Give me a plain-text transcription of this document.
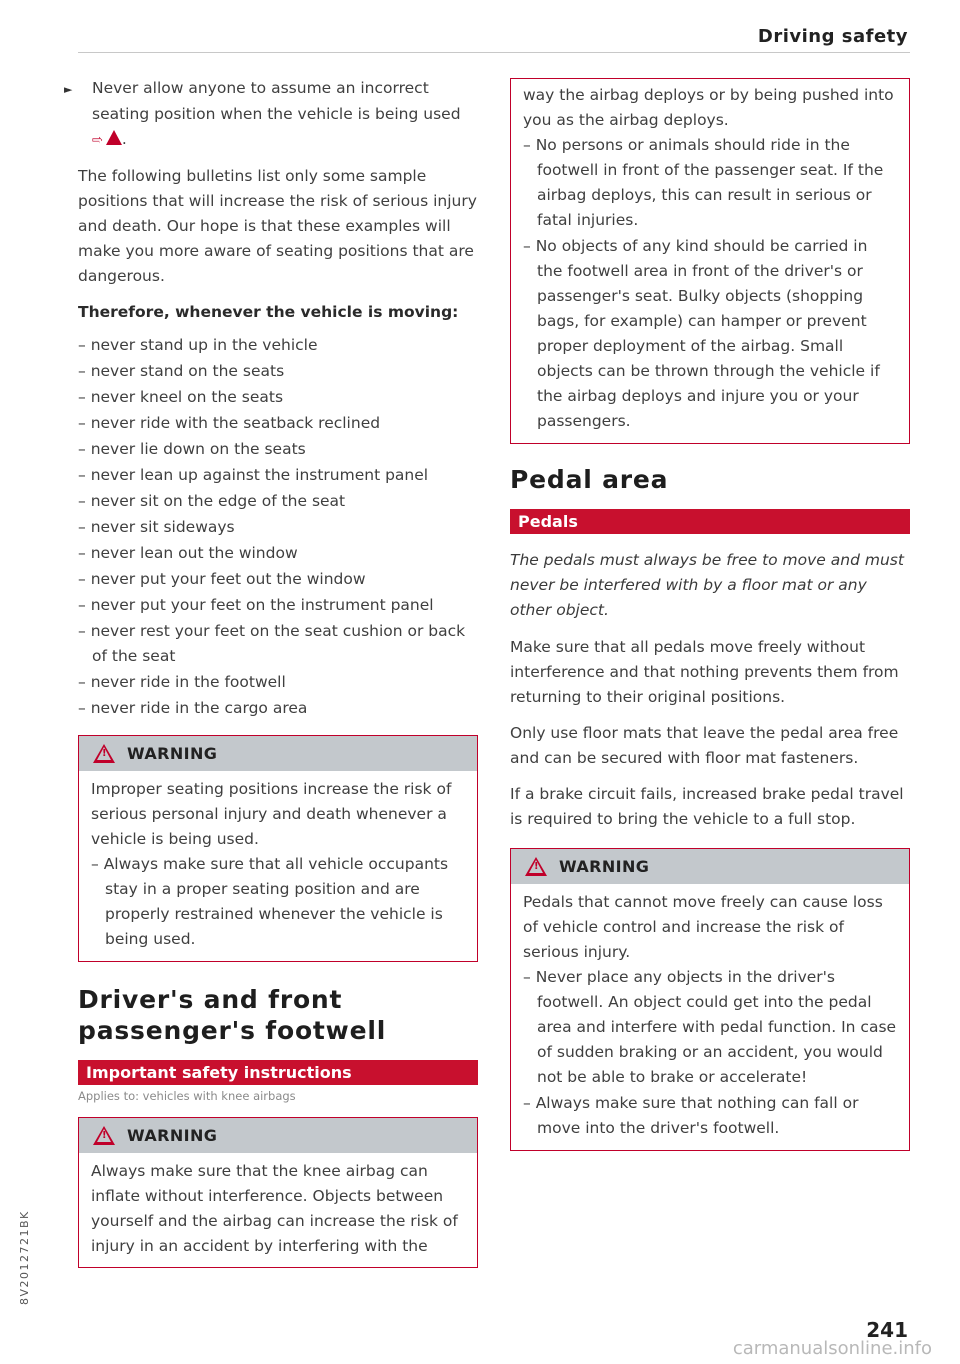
Driving safety

► Never allow anyone to assume an incorrect seating position when the vehicle is being used
⇨! .

The following bulletins list only some sample positions that will increase the risk of serious injury and death. Our hope is that these examples will make you more aware of seating positions that are dangerous.

Therefore, whenever the vehicle is moving:
– never stand up in the vehicle
– never stand on the seats
– never kneel on the seats
– never ride with the seatback reclined
– never lie down on the seats
– never lean up against the instrument panel
– never sit on the edge of the seat
– never sit sideways
– never lean out the window
– never put your feet out the window
– never put your feet on the instrument panel
– never rest your feet on the seat cushion or back of the seat
– never ride in the footwell
– never ride in the cargo area
!
WARNING

Improper seating positions increase the risk of serious personal injury and death whenever a vehicle is being used.

– Always make sure that all vehicle occupants stay in a proper seating position and are properly restrained whenever the vehicle is being used.
Driver's and front passenger's footwell
Important safety instructions
Applies to: vehicles with knee airbags
!
WARNING

Always make sure that the knee airbag can inflate without interference. Objects between yourself and the airbag can increase the risk of injury in an accident by interfering with the

way the airbag deploys or by being pushed into you as the airbag deploys.

– No persons or animals should ride in the footwell in front of the passenger seat. If the airbag deploys, this can result in serious or fatal injuries.
– No objects of any kind should be carried in the footwell area in front of the driver's or passenger's seat. Bulky objects (shopping bags, for example) can hamper or prevent proper deployment of the airbag. Small objects can be thrown through the vehicle if the airbag deploys and injure you or your passengers.
Pedal area
Pedals
The pedals must always be free to move and must never be interfered with by a floor mat or any other object.

Make sure that all pedals move freely without interference and that nothing prevents them from returning to their original positions.

Only use floor mats that leave the pedal area free and can be secured with floor mat fasteners.

If a brake circuit fails, increased brake pedal travel is required to bring the vehicle to a full stop.

!
WARNING

Pedals that cannot move freely can cause loss of vehicle control and increase the risk of serious injury.

– Never place any objects in the driver's footwell. An object could get into the pedal area and interfere with pedal function. In case of sudden braking or an accident, you would not be able to brake or accelerate!
– Always make sure that nothing can fall or move into the driver's footwell.
8V2012721BK
241
carmanualsonline.info
